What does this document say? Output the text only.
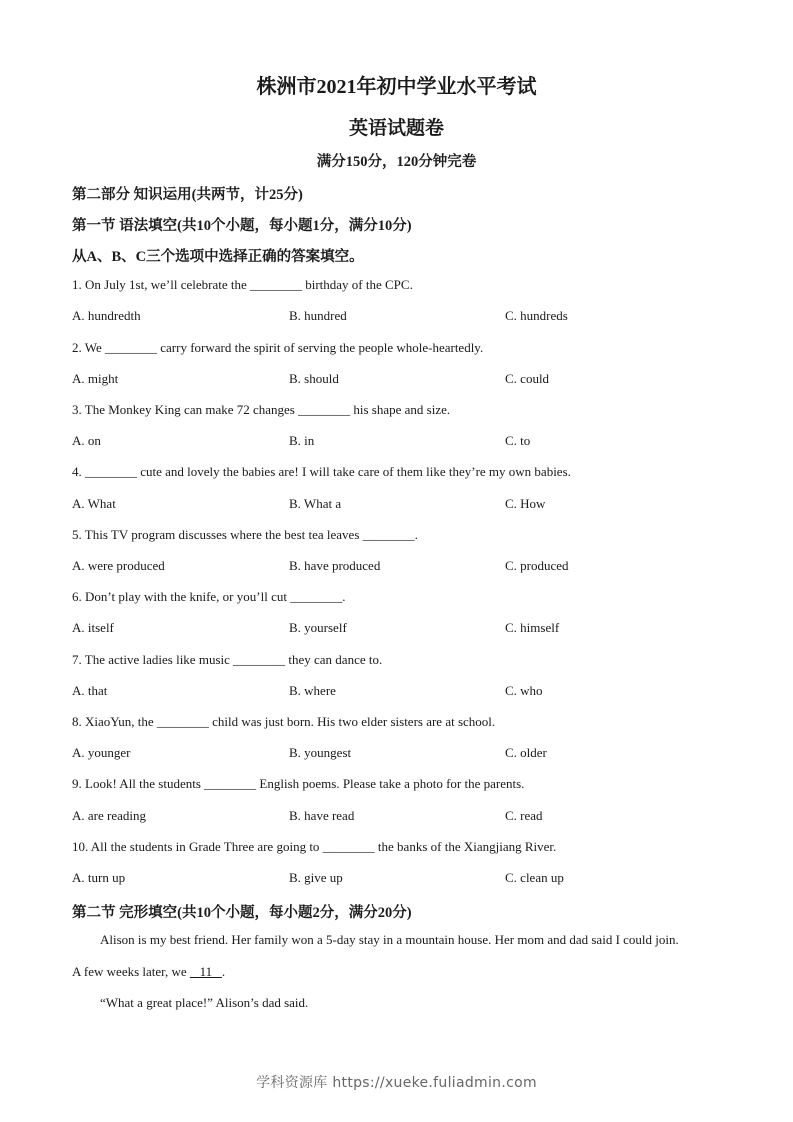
株洲市2021年初中学业水平考试
英语试题卷
满分150分，120分钟完卷
第二部分 知识运用(共两节，计25分)
第一节 语法填空(共10个小题，每小题1分，满分10分)
从A、B、C三个选项中选择正确的答案填空。
1. On July 1st, we’ll celebrate the ________ birthday of the CPC.
A. hundredth	B. hundred	C. hundreds
2. We ________ carry forward the spirit of serving the people whole-heartedly.
A. might	B. should	C. could
3. The Monkey King can make 72 changes ________ his shape and size.
A. on	B. in	C. to
4. ________ cute and lovely the babies are! I will take care of them like they’re my own babies.
A. What	B. What a	C. How
5. This TV program discusses where the best tea leaves ________.
A. were produced	B. have produced	C. produced
6. Don’t play with the knife, or you’ll cut ________.
A. itself	B. yourself	C. himself
7. The active ladies like music ________ they can dance to.
A. that	B. where	C. who
8. XiaoYun, the ________ child was just born. His two elder sisters are at school.
A. younger	B. youngest	C. older
9. Look! All the students ________ English poems. Please take a photo for the parents.
A. are reading	B. have read	C. read
10. All the students in Grade Three are going to ________ the banks of the Xiangjiang River.
A. turn up	B. give up	C. clean up
第二节 完形填空(共10个小题，每小题2分，满分20分)
Alison is my best friend. Her family won a 5-day stay in a mountain house. Her mom and dad said I could join.
A few weeks later, we    11   .
“What a great place!” Alison’s dad said.
学科资源库 https://xueke.fuliadmin.com
